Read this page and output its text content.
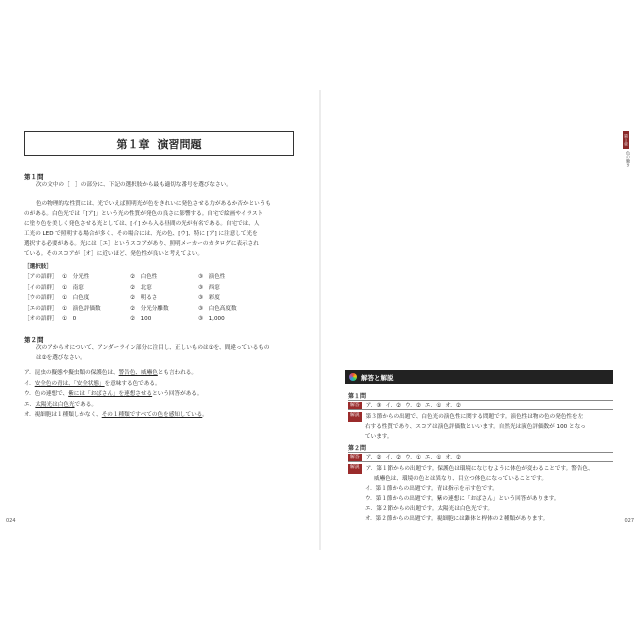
第１章 演習問題
第１問

次の文中の［　］の部分に、下記の選択肢から最も適切な番号を選びなさい。

色の物理的な性質には、光でいえば照明光が色をきれいに発色させる力があるか否かというも

のがある。白色光では「[ア]」という光の性質が発色の良さに影響する。自宅で絵画やイラスト

に塗り色を美しく発色させる光としては、[イ] から入る昼間の光が有名である。自宅では、人

工光の LED で照明する場合が多く、その場合には、光の色、[ウ]、特に [ア] に注意して光を

選択する必要がある。光には［エ］というスコアがあり、照明メーカーのカタログに表示され

ている。そのスコアが［オ］に近いほど、発色性が良いと考えてよい。

［選択肢］
［アの語群］ ①　分光性	②　白色性	③　演色性
［イの語群］ ①　南窓	②　北窓	③　西窓
［ウの語群］ ①　白色度	②　明るさ	③　彩度
［エの語群］ ①　演色評価数	②　分光分離数	③　白色高度数
［オの語群］ ①　0	②　100	③　1,000
第２問

次のアからオについて、アンダーライン部分に注目し、正しいものは①を、間違っているもの

は②を選びなさい。

ア．昆虫の擬態や擬虫類の保護色は、警告色、威嚇色とも言われる。
イ．安全色の青は、「安全状態」を意味する色である。
ウ．色の連想で、紫には「おばさん」を連想させるという回答がある。
エ．太陽光は白色光である。
オ．視細胞は１種類しかなく、その１種類ですべての色を感知している。
024	027
第１章
色の働き
解答と解説
第１問
解答	ア．③ イ．② ウ．② エ．① オ．②
解説	第３節からの出題で、白色光の演色性に関する問題です。演色性は物の色の発色性を左
右する性質であり、スコアは演色評価数といいます。自然光は演色評価数が 100 となっ
ています。
第２問
解答	ア．② イ．② ウ．① エ．① オ．②
解説	ア．第１節からの出題です。保護色は環境になじむように体色が変わることです。警告色、
威嚇色は、環境の色とは異なり、目立つ体色になっていることです。
イ．第１節からの出題です。青は指示を示す色です。
ウ．第１節からの出題です。紫の連想に「おばさん」という回答があります。
エ．第２節からの出題です。太陽光は白色光です。
オ．第２節からの出題です。視細胞には錐体と桿体の２種類があります。
